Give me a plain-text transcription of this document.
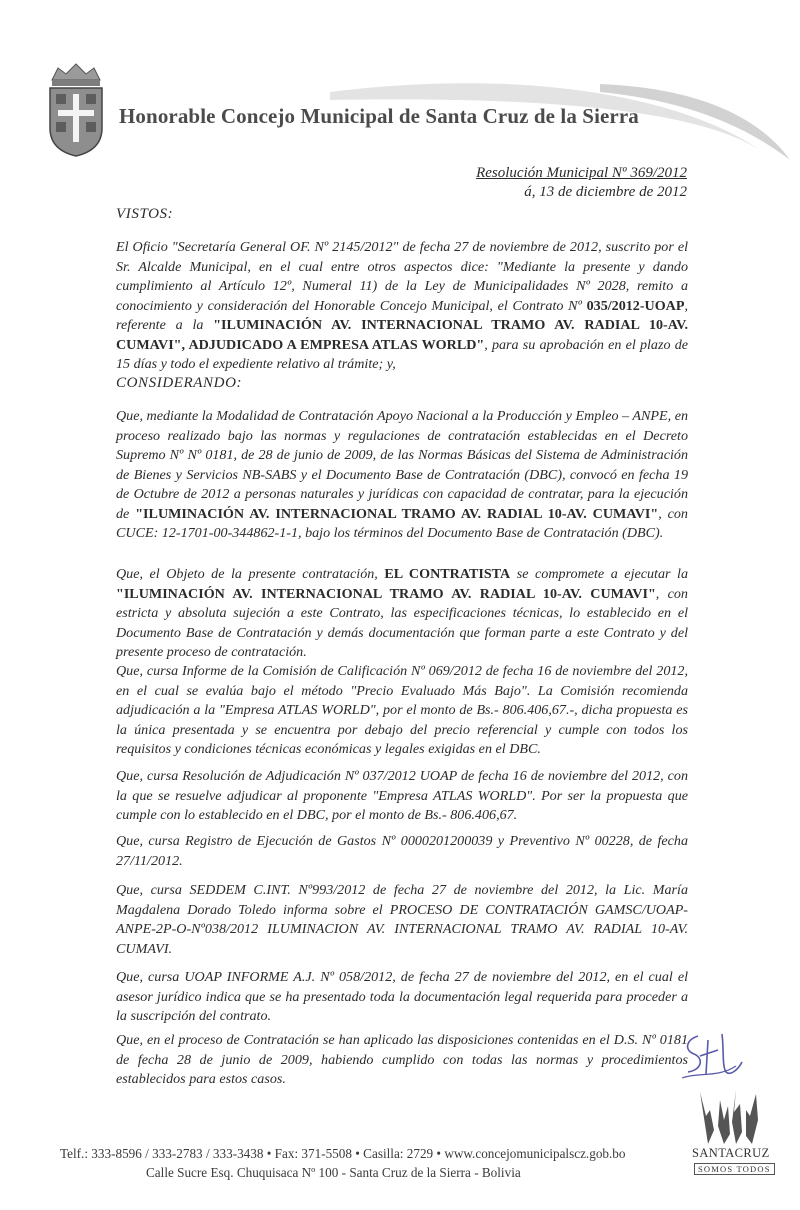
Honorable Concejo Municipal de Santa Cruz de la Sierra
Resolución Municipal Nº 369/2012
á, 13 de diciembre de 2012
VISTOS:

El Oficio "Secretaría General OF. Nº 2145/2012" de fecha 27 de noviembre de 2012, suscrito por el Sr. Alcalde Municipal, en el cual entre otros aspectos dice: "Mediante la presente y dando cumplimiento al Artículo 12º, Numeral 11) de la Ley de Municipalidades Nº 2028, remito a conocimiento y consideración del Honorable Concejo Municipal, el Contrato Nº 035/2012-UOAP, referente a la "ILUMINACIÓN AV. INTERNACIONAL TRAMO AV. RADIAL 10-AV. CUMAVI", ADJUDICADO A EMPRESA ATLAS WORLD", para su aprobación en el plazo de 15 días y todo el expediente relativo al trámite; y,

CONSIDERANDO:

Que, mediante la Modalidad de Contratación Apoyo Nacional a la Producción y Empleo – ANPE, en proceso realizado bajo las normas y regulaciones de contratación establecidas en el Decreto Supremo Nº Nº 0181, de 28 de junio de 2009, de las Normas Básicas del Sistema de Administración de Bienes y Servicios NB-SABS y el Documento Base de Contratación (DBC), convocó en fecha 19 de Octubre de 2012 a personas naturales y jurídicas con capacidad de contratar, para la ejecución de "ILUMINACIÓN AV. INTERNACIONAL TRAMO AV. RADIAL 10-AV. CUMAVI", con CUCE: 12-1701-00-344862-1-1, bajo los términos del Documento Base de Contratación (DBC).

Que, el Objeto de la presente contratación, EL CONTRATISTA se compromete a ejecutar la "ILUMINACIÓN AV. INTERNACIONAL TRAMO AV. RADIAL 10-AV. CUMAVI", con estricta y absoluta sujeción a este Contrato, las especificaciones técnicas, lo establecido en el Documento Base de Contratación y demás documentación que forman parte a este Contrato y del presente proceso de contratación.

Que, cursa Informe de la Comisión de Calificación Nº 069/2012 de fecha 16 de noviembre del 2012, en el cual se evalúa bajo el método "Precio Evaluado Más Bajo". La Comisión recomienda adjudicación a la "Empresa ATLAS WORLD", por el monto de Bs.- 806.406,67.-, dicha propuesta es la única presentada y se encuentra por debajo del precio referencial y cumple con todos los requisitos y condiciones técnicas económicas y legales exigidas en el DBC.

Que, cursa Resolución de Adjudicación Nº 037/2012 UOAP de fecha 16 de noviembre del 2012, con la que se resuelve adjudicar al proponente "Empresa ATLAS WORLD". Por ser la propuesta que cumple con lo establecido en el DBC, por el monto de Bs.- 806.406,67.

Que, cursa Registro de Ejecución de Gastos Nº 0000201200039 y Preventivo Nº 00228, de fecha 27/11/2012.

Que, cursa SEDDEM C.INT. Nº993/2012 de fecha 27 de noviembre del 2012, la Lic. María Magdalena Dorado Toledo informa sobre el PROCESO DE CONTRATACIÓN GAMSC/UOAP-ANPE-2P-O-Nº038/2012 ILUMINACION AV. INTERNACIONAL TRAMO AV. RADIAL 10-AV. CUMAVI.

Que, cursa UOAP INFORME A.J. Nº 058/2012, de fecha 27 de noviembre del 2012, en el cual el asesor jurídico indica que se ha presentado toda la documentación legal requerida para proceder a la suscripción del contrato.

Que, en el proceso de Contratación se han aplicado las disposiciones contenidas en el D.S. Nº 0181 de fecha 28 de junio de 2009, habiendo cumplido con todas las normas y procedimientos establecidos para estos casos.

Telf.: 333-8596 / 333-2783 / 333-3438 • Fax: 371-5508 • Casilla: 2729 • www.concejomunicipalscz.gob.bo
Calle Sucre Esq. Chuquisaca Nº 100 - Santa Cruz de la Sierra - Bolivia
SANTACRUZ
SOMOS TODOS
